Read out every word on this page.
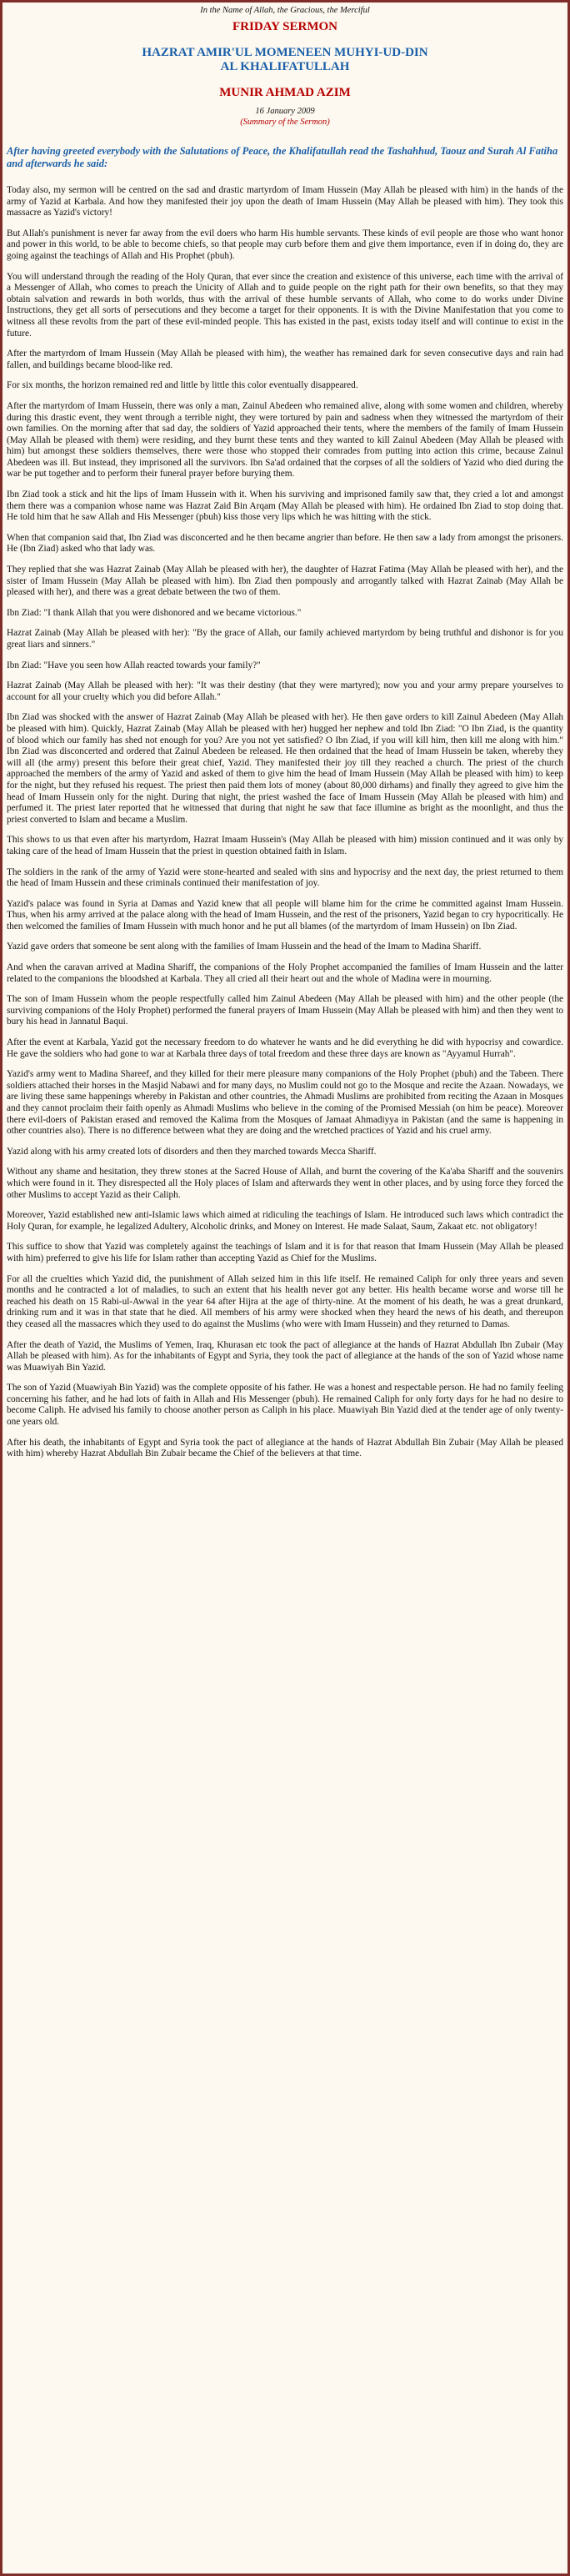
In the Name of Allah, the Gracious, the Merciful
FRIDAY SERMON
HAZRAT AMIR'UL MOMENEEN MUHYI-UD-DIN
AL KHALIFATULLAH
MUNIR AHMAD AZIM
16 January 2009
(Summary of the Sermon)
After having greeted everybody with the Salutations of Peace, the Khalifatullah read the Tashahhud, Taouz and Surah Al Fatiha and afterwards he said:

Today also, my sermon will be centred on the sad and drastic martyrdom of Imam Hussein (May Allah be pleased with him) in the hands of the army of Yazid at Karbala. And how they manifested their joy upon the death of Imam Hussein (May Allah be pleased with him). They took this massacre as Yazid's victory!

But Allah's punishment is never far away from the evil doers who harm His humble servants. These kinds of evil people are those who want honor and power in this world, to be able to become chiefs, so that people may curb before them and give them importance, even if in doing do, they are going against the teachings of Allah and His Prophet (pbuh).

You will understand through the reading of the Holy Quran, that ever since the creation and existence of this universe, each time with the arrival of a Messenger of Allah, who comes to preach the Unicity of Allah and to guide people on the right path for their own benefits, so that they may obtain salvation and rewards in both worlds, thus with the arrival of these humble servants of Allah, who come to do works under Divine Instructions, they get all sorts of persecutions and they become a target for their opponents. It is with the Divine Manifestation that you come to witness all these revolts from the part of these evil-minded people. This has existed in the past, exists today itself and will continue to exist in the future.

After the martyrdom of Imam Hussein (May Allah be pleased with him), the weather has remained dark for seven consecutive days and rain had fallen, and buildings became blood-like red.

For six months, the horizon remained red and little by little this color eventually disappeared.

After the martyrdom of Imam Hussein, there was only a man, Zainul Abedeen who remained alive, along with some women and children, whereby during this drastic event, they went through a terrible night, they were tortured by pain and sadness when they witnessed the martyrdom of their own families. On the morning after that sad day, the soldiers of Yazid approached their tents, where the members of the family of Imam Hussein (May Allah be pleased with them) were residing, and they burnt these tents and they wanted to kill Zainul Abedeen (May Allah be pleased with him) but amongst these soldiers themselves, there were those who stopped their comrades from putting into action this crime, because Zainul Abedeen was ill. But instead, they imprisoned all the survivors. Ibn Sa'ad ordained that the corpses of all the soldiers of Yazid who died during the war be put together and to perform their funeral prayer before burying them.

Ibn Ziad took a stick and hit the lips of Imam Hussein with it. When his surviving and imprisoned family saw that, they cried a lot and amongst them there was a companion whose name was Hazrat Zaid Bin Arqam (May Allah be pleased with him). He ordained Ibn Ziad to stop doing that. He told him that he saw Allah and His Messenger (pbuh) kiss those very lips which he was hitting with the stick.

When that companion said that, Ibn Ziad was disconcerted and he then became angrier than before. He then saw a lady from amongst the prisoners. He (Ibn Ziad) asked who that lady was.

They replied that she was Hazrat Zainab (May Allah be pleased with her), the daughter of Hazrat Fatima (May Allah be pleased with her), and the sister of Imam Hussein (May Allah be pleased with him). Ibn Ziad then pompously and arrogantly talked with Hazrat Zainab (May Allah be pleased with her), and there was a great debate between the two of them.

Ibn Ziad: "I thank Allah that you were dishonored and we became victorious."

Hazrat Zainab (May Allah be pleased with her): "By the grace of Allah, our family achieved martyrdom by being truthful and dishonor is for you great liars and sinners."

Ibn Ziad: "Have you seen how Allah reacted towards your family?"

Hazrat Zainab (May Allah be pleased with her): "It was their destiny (that they were martyred); now you and your army prepare yourselves to account for all your cruelty which you did before Allah."

Ibn Ziad was shocked with the answer of Hazrat Zainab (May Allah be pleased with her). He then gave orders to kill Zainul Abedeen (May Allah be pleased with him). Quickly, Hazrat Zainab (May Allah be pleased with her) hugged her nephew and told Ibn Ziad: "O Ibn Ziad, is the quantity of blood which our family has shed not enough for you? Are you not yet satisfied? O Ibn Ziad, if you will kill him, then kill me along with him." Ibn Ziad was disconcerted and ordered that Zainul Abedeen be released. He then ordained that the head of Imam Hussein be taken, whereby they will all (the army) present this before their great chief, Yazid. They manifested their joy till they reached a church. The priest of the church approached the members of the army of Yazid and asked of them to give him the head of Imam Hussein (May Allah be pleased with him) to keep for the night, but they refused his request. The priest then paid them lots of money (about 80,000 dirhams) and finally they agreed to give him the head of Imam Hussein only for the night. During that night, the priest washed the face of Imam Hussein (May Allah be pleased with him) and perfumed it. The priest later reported that he witnessed that during that night he saw that face illumine as bright as the moonlight, and thus the priest converted to Islam and became a Muslim.

This shows to us that even after his martyrdom, Hazrat Imaam Hussein's (May Allah be pleased with him) mission continued and it was only by taking care of the head of Imam Hussein that the priest in question obtained faith in Islam.

The soldiers in the rank of the army of Yazid were stone-hearted and sealed with sins and hypocrisy and the next day, the priest returned to them the head of Imam Hussein and these criminals continued their manifestation of joy.

Yazid's palace was found in Syria at Damas and Yazid knew that all people will blame him for the crime he committed against Imam Hussein. Thus, when his army arrived at the palace along with the head of Imam Hussein, and the rest of the prisoners, Yazid began to cry hypocritically. He then welcomed the families of Imam Hussein with much honor and he put all blames (of the martyrdom of Imam Hussein) on Ibn Ziad.

Yazid gave orders that someone be sent along with the families of Imam Hussein and the head of the Imam to Madina Shariff.

And when the caravan arrived at Madina Shariff, the companions of the Holy Prophet accompanied the families of Imam Hussein and the latter related to the companions the bloodshed at Karbala. They all cried all their heart out and the whole of Madina were in mourning.

The son of Imam Hussein whom the people respectfully called him Zainul Abedeen (May Allah be pleased with him) and the other people (the surviving companions of the Holy Prophet) performed the funeral prayers of Imam Hussein (May Allah be pleased with him) and then they went to bury his head in Jannatul Baqui.

After the event at Karbala, Yazid got the necessary freedom to do whatever he wants and he did everything he did with hypocrisy and cowardice. He gave the soldiers who had gone to war at Karbala three days of total freedom and these three days are known as "Ayyamul Hurrah".

Yazid's army went to Madina Shareef, and they killed for their mere pleasure many companions of the Holy Prophet (pbuh) and the Tabeen. There soldiers attached their horses in the Masjid Nabawi and for many days, no Muslim could not go to the Mosque and recite the Azaan. Nowadays, we are living these same happenings whereby in Pakistan and other countries, the Ahmadi Muslims are prohibited from reciting the Azaan in Mosques and they cannot proclaim their faith openly as Ahmadi Muslims who believe in the coming of the Promised Messiah (on him be peace). Moreover there evil-doers of Pakistan erased and removed the Kalima from the Mosques of Jamaat Ahmadiyya in Pakistan (and the same is happening in other countries also). There is no difference between what they are doing and the wretched practices of Yazid and his cruel army.

Yazid along with his army created lots of disorders and then they marched towards Mecca Shariff.

Without any shame and hesitation, they threw stones at the Sacred House of Allah, and burnt the covering of the Ka'aba Shariff and the souvenirs which were found in it. They disrespected all the Holy places of Islam and afterwards they went in other places, and by using force they forced the other Muslims to accept Yazid as their Caliph.

Moreover, Yazid established new anti-Islamic laws which aimed at ridiculing the teachings of Islam. He introduced such laws which contradict the Holy Quran, for example, he legalized Adultery, Alcoholic drinks, and Money on Interest. He made Salaat, Saum, Zakaat etc. not obligatory!

This suffice to show that Yazid was completely against the teachings of Islam and it is for that reason that Imam Hussein (May Allah be pleased with him) preferred to give his life for Islam rather than accepting Yazid as Chief for the Muslims.

For all the cruelties which Yazid did, the punishment of Allah seized him in this life itself. He remained Caliph for only three years and seven months and he contracted a lot of maladies, to such an extent that his health never got any better. His health became worse and worse till he reached his death on 15 Rabi-ul-Awwal in the year 64 after Hijra at the age of thirty-nine. At the moment of his death, he was a great drunkard, drinking rum and it was in that state that he died. All members of his army were shocked when they heard the news of his death, and thereupon they ceased all the massacres which they used to do against the Muslims (who were with Imam Hussein) and they returned to Damas.

After the death of Yazid, the Muslims of Yemen, Iraq, Khurasan etc took the pact of allegiance at the hands of Hazrat Abdullah Ibn Zubair (May Allah be pleased with him). As for the inhabitants of Egypt and Syria, they took the pact of allegiance at the hands of the son of Yazid whose name was Muawiyah Bin Yazid.

The son of Yazid (Muawiyah Bin Yazid) was the complete opposite of his father. He was a honest and respectable person. He had no family feeling concerning his father, and he had lots of faith in Allah and His Messenger (pbuh). He remained Caliph for only forty days for he had no desire to become Caliph. He advised his family to choose another person as Caliph in his place. Muawiyah Bin Yazid died at the tender age of only twenty-one years old.

After his death, the inhabitants of Egypt and Syria took the pact of allegiance at the hands of Hazrat Abdullah Bin Zubair (May Allah be pleased with him) whereby Hazrat Abdullah Bin Zubair became the Chief of the believers at that time.
